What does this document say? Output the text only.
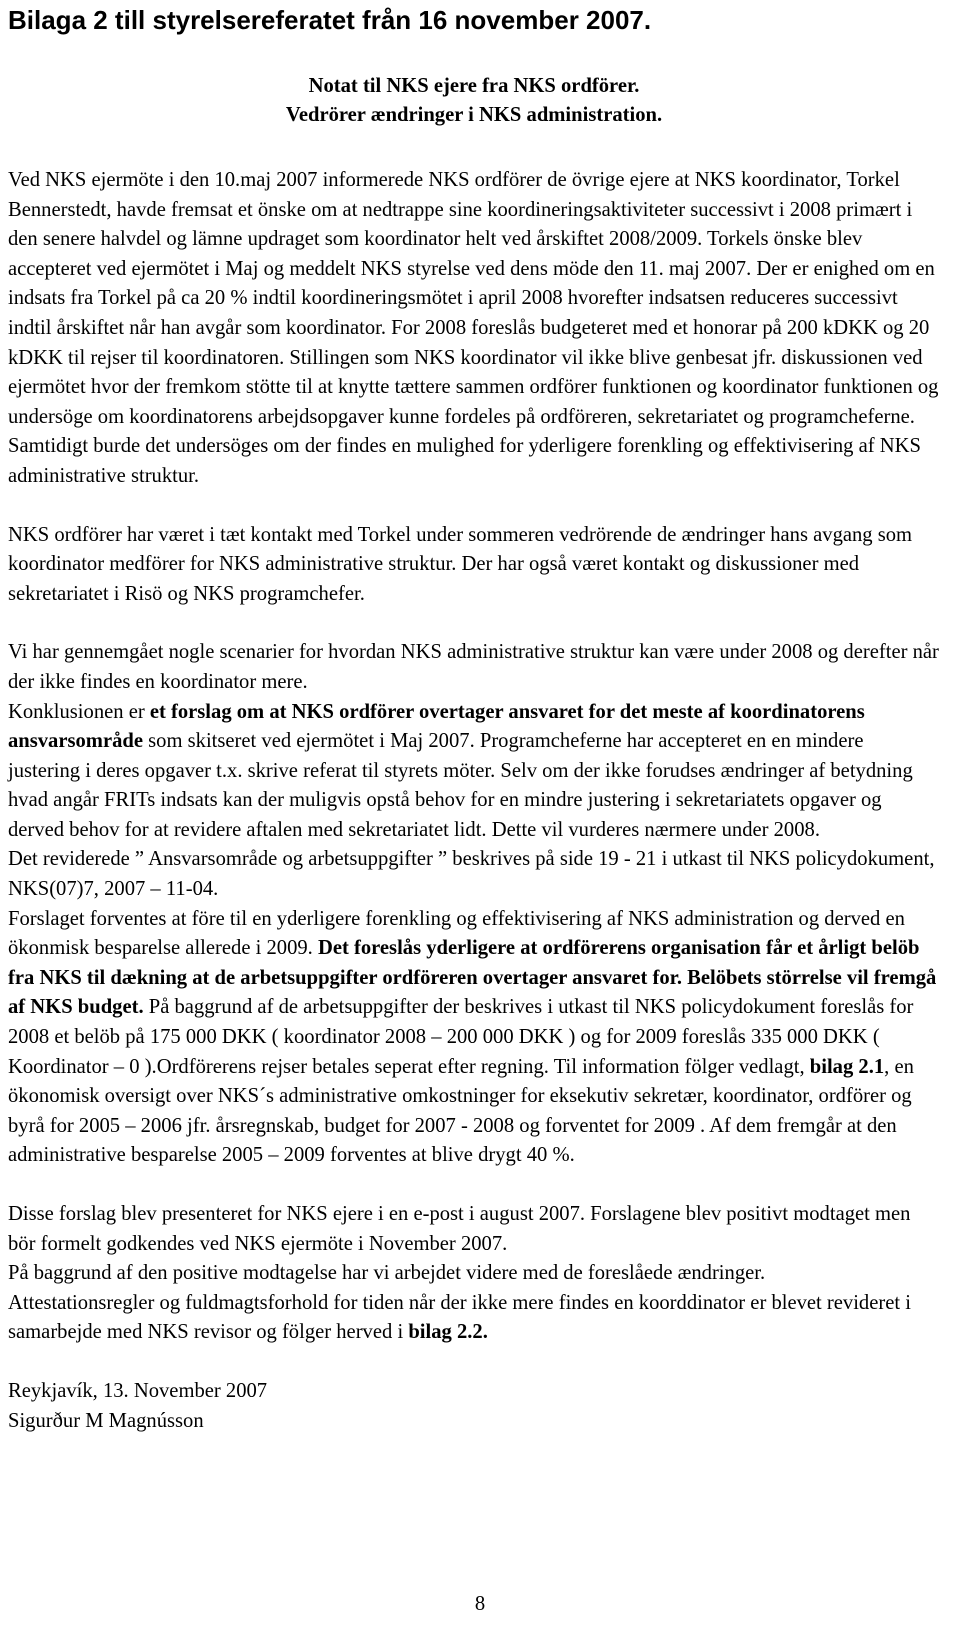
Bilaga 2 till styrelsereferatet från 16 november 2007.
Notat til NKS ejere fra NKS ordförer.
Vedrörer ændringer i NKS administration.

Ved NKS ejermöte i den 10.maj 2007 informerede NKS ordförer de övrige ejere at NKS koordinator, Torkel Bennerstedt, havde fremsat et önske om at nedtrappe sine koordineringsaktiviteter successivt i 2008 primært i den senere halvdel og lämne updraget som koordinator helt ved årskiftet 2008/2009. Torkels önske blev accepteret ved ejermötet i Maj og meddelt NKS styrelse ved dens möde den 11. maj 2007. Der er enighed om en indsats fra Torkel på ca 20 % indtil koordineringsmötet i april 2008 hvorefter indsatsen reduceres successivt indtil årskiftet når han avgår som koordinator. For 2008 foreslås budgeteret med et honorar på 200 kDKK og 20 kDKK til rejser til koordinatoren. Stillingen som NKS koordinator vil ikke blive genbesat jfr. diskussionen ved ejermötet hvor der fremkom stötte til at knytte tættere sammen ordförer funktionen og koordinator funktionen og undersöge om koordinatorens arbejdsopgaver kunne fordeles på ordföreren, sekretariatet og programcheferne. Samtidigt burde det undersöges om der findes en mulighed for yderligere forenkling og effektivisering af NKS administrative struktur.

NKS ordförer har været i tæt kontakt med Torkel under sommeren vedrörende de ændringer hans avgang som koordinator medförer for NKS administrative struktur. Der har også været kontakt og diskussioner med sekretariatet i Risö og NKS programchefer.

Vi har gennemgået nogle scenarier for hvordan NKS administrative struktur kan være under 2008 og derefter når der ikke findes en koordinator mere.

Konklusionen er et forslag om at NKS ordförer overtager ansvaret for det meste af koordinatorens ansvarsområde som skitseret ved ejermötet i Maj 2007. Programcheferne har accepteret en en mindere justering i deres opgaver t.x. skrive referat til styrets möter. Selv om der ikke forudses ændringer af betydning hvad angår FRITs indsats kan der muligvis opstå behov for en mindre justering i sekretariatets opgaver og derved behov for at revidere aftalen med sekretariatet lidt. Dette vil vurderes nærmere under 2008.

Det reviderede ” Ansvarsområde og arbetsuppgifter ” beskrives på side 19 - 21 i utkast til NKS policydokument, NKS(07)7, 2007 – 11-04.

Forslaget forventes at före til en yderligere forenkling og effektivisering af NKS administration og derved en ökonmisk besparelse allerede i 2009. Det foreslås yderligere at ordförerens organisation får et årligt belöb fra NKS til dækning at de arbetsuppgifter ordföreren overtager ansvaret for. Belöbets störrelse vil fremgå af NKS budget. På baggrund af de arbetsuppgifter der beskrives i utkast til NKS policydokument foreslås for 2008 et belöb på 175 000 DKK ( koordinator 2008 – 200 000 DKK ) og for 2009 foreslås 335 000 DKK ( Koordinator – 0 ).Ordförerens rejser betales seperat efter regning. Til information fölger vedlagt, bilag 2.1, en ökonomisk oversigt over NKS´s administrative omkostninger for eksekutiv sekretær, koordinator, ordförer og byrå for 2005 – 2006 jfr. årsregnskab, budget for 2007 - 2008 og forventet for 2009 . Af dem fremgår at den administrative besparelse 2005 – 2009 forventes at blive drygt 40 %.

Disse forslag blev presenteret for NKS ejere i en e-post i august 2007. Forslagene blev positivt modtaget men bör formelt godkendes ved NKS ejermöte i November 2007.

På baggrund af den positive modtagelse har vi arbejdet videre med de foreslåede ændringer.

Attestationsregler og fuldmagtsforhold for tiden når der ikke mere findes en koorddinator er blevet revideret i samarbejde med NKS revisor og fölger herved i bilag 2.2.

Reykjavík, 13. November 2007
Sigurður M Magnússon
8
